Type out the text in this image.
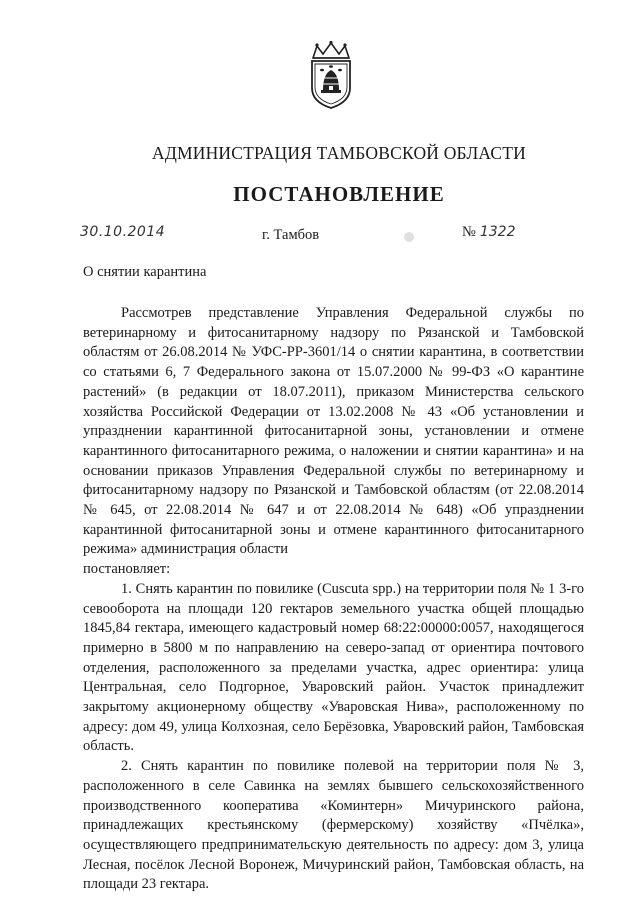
АДМИНИСТРАЦИЯ ТАМБОВСКОЙ ОБЛАСТИ
ПОСТАНОВЛЕНИЕ
30.10.2014	г. Тамбов	№ 1322
О снятии карантина

Рассмотрев представление Управления Федеральной службы по ветеринарному и фитосанитарному надзору по Рязанской и Тамбовской областям от 26.08.2014 № УФС-РР-3601/14 о снятии карантина, в соответствии со статьями 6, 7 Федерального закона от 15.07.2000 № 99-ФЗ «О карантине растений» (в редакции от 18.07.2011), приказом Министерства сельского хозяйства Российской Федерации от 13.02.2008 № 43 «Об установлении и упразднении карантинной фитосанитарной зоны, установлении и отмене карантинного фитосанитарного режима, о наложении и снятии карантина» и на основании приказов Управления Федеральной службы по ветеринарному и фитосанитарному надзору по Рязанской и Тамбовской областям (от 22.08.2014 № 645, от 22.08.2014 № 647 и от 22.08.2014 № 648) «Об упразднении карантинной фитосанитарной зоны и отмене карантинного фитосанитарного режима» администрация области

постановляет:

1. Снять карантин по повилике (Cuscuta spp.) на территории поля № 1 3-го севооборота на площади 120 гектаров земельного участка общей площадью 1845,84 гектара, имеющего кадастровый номер 68:22:00000:0057, находящегося примерно в 5800 м по направлению на северо-запад от ориентира почтового отделения, расположенного за пределами участка, адрес ориентира: улица Центральная, село Подгорное, Уваровский район. Участок принадлежит закрытому акционерному обществу «Уваровская Нива», расположенному по адресу: дом 49, улица Колхозная, село Берёзовка, Уваровский район, Тамбовская область.

2. Снять карантин по повилике полевой на территории поля № 3, расположенного в селе Савинка на землях бывшего сельскохозяйственного производственного кооператива «Коминтерн» Мичуринского района, принадлежащих крестьянскому (фермерскому) хозяйству «Пчёлка», осуществляющего предпринимательскую деятельность по адресу: дом 3, улица Лесная, посёлок Лесной Воронеж, Мичуринский район, Тамбовская область, на площади 23 гектара.
